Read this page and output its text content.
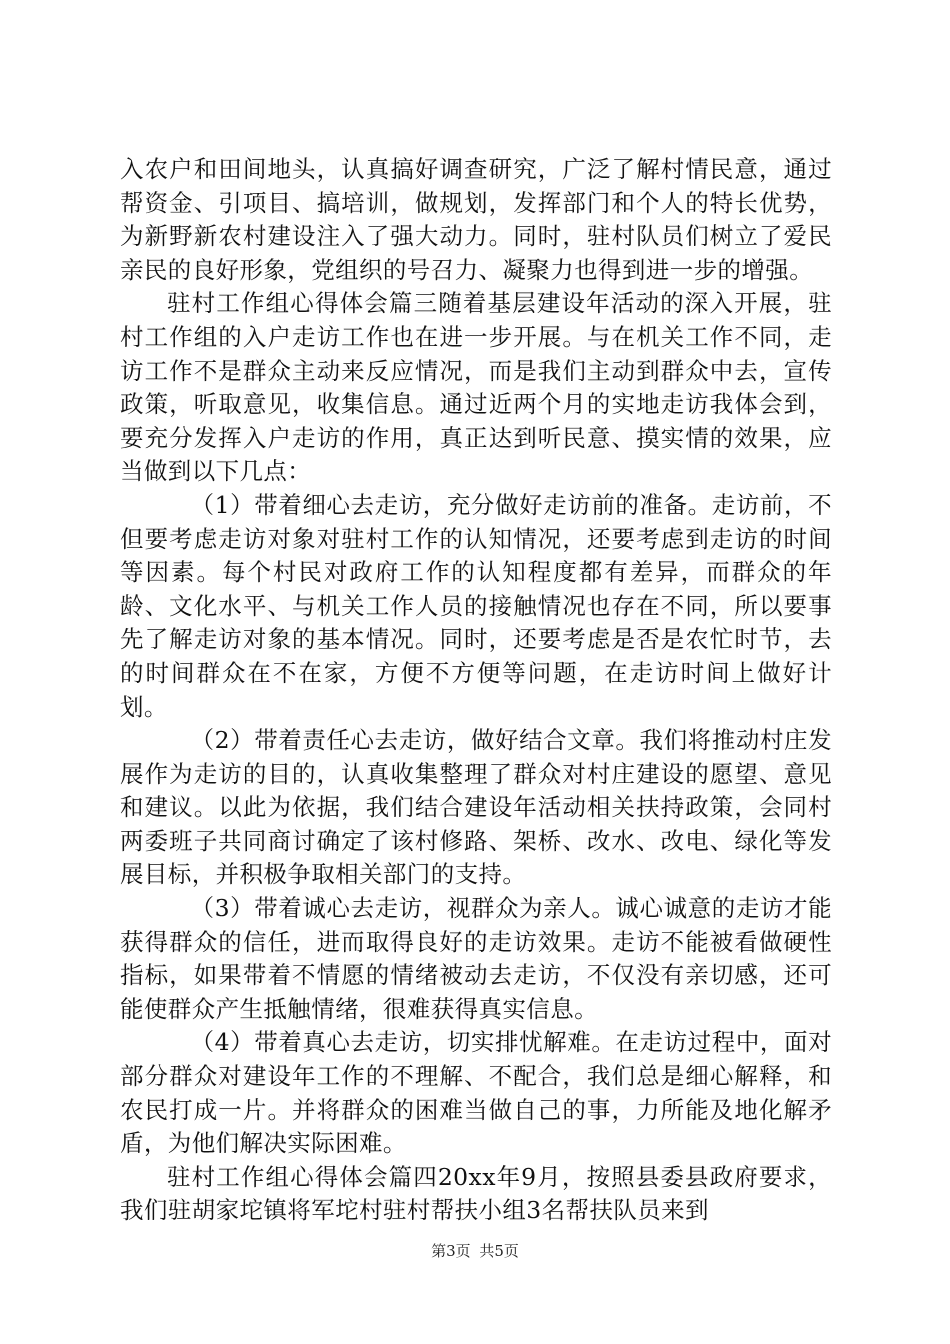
入农户和田间地头，认真搞好调查研究，广泛了解村情民意，通过帮资金、引项目、搞培训，做规划，发挥部门和个人的特长优势，为新野新农村建设注入了强大动力。同时，驻村队员们树立了爱民亲民的良好形象，党组织的号召力、凝聚力也得到进一步的增强。

驻村工作组心得体会篇三随着基层建设年活动的深入开展，驻村工作组的入户走访工作也在进一步开展。与在机关工作不同，走访工作不是群众主动来反应情况，而是我们主动到群众中去，宣传政策，听取意见，收集信息。通过近两个月的实地走访我体会到，要充分发挥入户走访的作用，真正达到听民意、摸实情的效果，应当做到以下几点：

（1）带着细心去走访，充分做好走访前的准备。走访前，不但要考虑走访对象对驻村工作的认知情况，还要考虑到走访的时间等因素。每个村民对政府工作的认知程度都有差异，而群众的年龄、文化水平、与机关工作人员的接触情况也存在不同，所以要事先了解走访对象的基本情况。同时，还要考虑是否是农忙时节，去的时间群众在不在家，方便不方便等问题，在走访时间上做好计划。

（2）带着责任心去走访，做好结合文章。我们将推动村庄发展作为走访的目的，认真收集整理了群众对村庄建设的愿望、意见和建议。以此为依据，我们结合建设年活动相关扶持政策，会同村两委班子共同商讨确定了该村修路、架桥、改水、改电、绿化等发展目标，并积极争取相关部门的支持。

（3）带着诚心去走访，视群众为亲人。诚心诚意的走访才能获得群众的信任，进而取得良好的走访效果。走访不能被看做硬性指标，如果带着不情愿的情绪被动去走访，不仅没有亲切感，还可能使群众产生抵触情绪，很难获得真实信息。

（4）带着真心去走访，切实排忧解难。在走访过程中，面对部分群众对建设年工作的不理解、不配合，我们总是细心解释，和农民打成一片。并将群众的困难当做自己的事，力所能及地化解矛盾，为他们解决实际困难。

驻村工作组心得体会篇四20xx年9月，按照县委县政府要求，我们驻胡家坨镇将军坨村驻村帮扶小组3名帮扶队员来到

第3页 共5页
